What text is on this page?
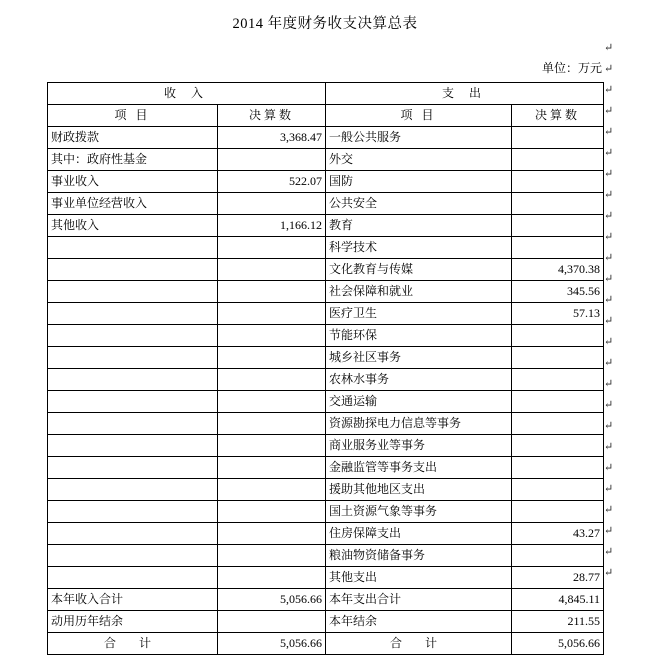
2014 年度财务收支决算总表
单位：万元
收 入		支 出	
项 目	决算数	项 目	决算数
财政拨款	3,368.47	一般公共服务	
其中：政府性基金		外交	
事业收入	522.07	国防	
事业单位经营收入		公共安全	
其他收入	1,166.12	教育	
		科学技术	
		文化教育与传媒	4,370.38
		社会保障和就业	345.56
		医疗卫生	57.13
		节能环保	
		城乡社区事务	
		农林水事务	
		交通运输	
		资源勘探电力信息等事务	
		商业服务业等事务	
		金融监管等事务支出	
		援助其他地区支出	
		国土资源气象等事务	
		住房保障支出	43.27
		粮油物资储备事务	
		其他支出	28.77
本年收入合计	5,056.66	本年支出合计	4,845.11
动用历年结余		本年结余	211.55
合 计	5,056.66	合 计	5,056.66
↵
↵
↵
↵
↵
↵
↵
↵
↵
↵
↵
↵
↵
↵
↵
↵
↵
↵
↵
↵
↵
↵
↵
↵
↵
↵
